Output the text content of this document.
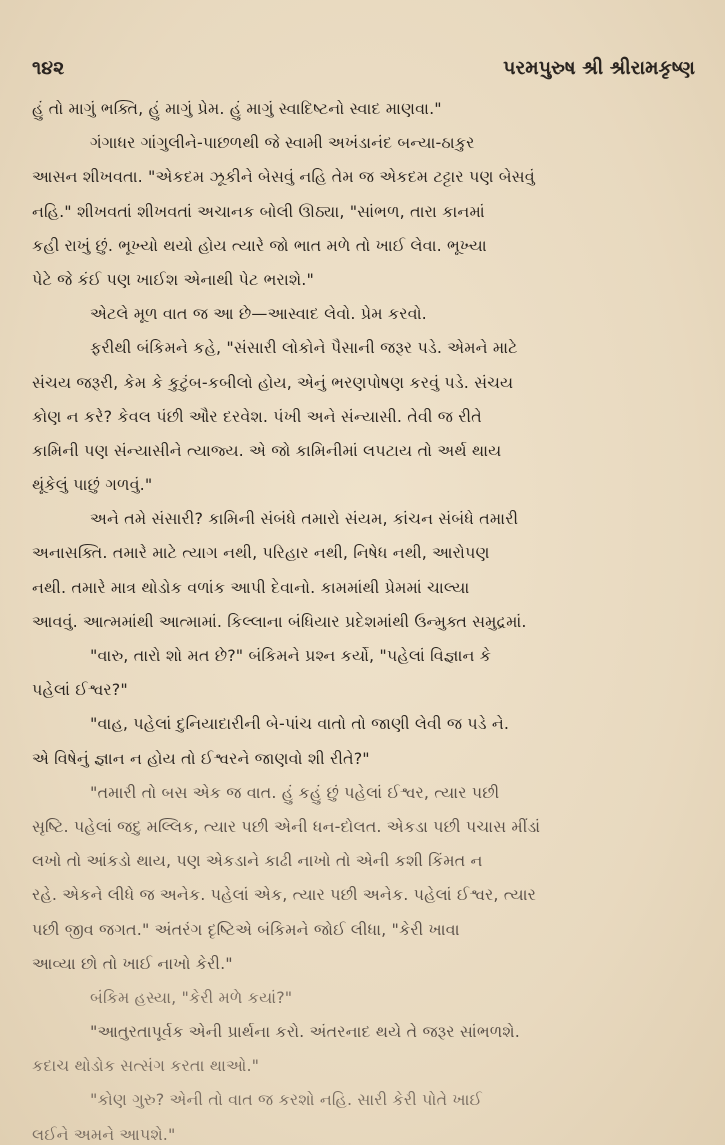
૧૪૨	પરમપુરુષ શ્રી શ્રીરામકૃષ્ણ
હું તો માગું ભક્તિ, હું માગું પ્રેમ. હું માગું સ્વાદિષ્ટનો સ્વાદ માણવા."
ગંગાધર ગાંગુલીને-પાછળથી જે સ્વામી અખંડાનંદ બન્યા-ઠાકુર
આસન શીખવતા. "એકદમ ઝૂકીને બેસવું નહિ તેમ જ એકદમ ટટ્ટાર પણ બેસવું
નહિ." શીખવતાં શીખવતાં અચાનક બોલી ઊઠ્યા, "સાંભળ, તારા કાનમાં
કહી રાખું છું. ભૂખ્યો થયો હોય ત્યારે જો ભાત મળે તો ખાઈ લેવા. ભૂખ્યા
પેટે જે કંઈ પણ ખાઈશ એનાથી પેટ ભરાશે."
એટલે મૂળ વાત જ આ છે—આસ્વાદ લેવો. પ્રેમ કરવો.
ફરીથી બંકિમને કહે, "સંસારી લોકોને પૈસાની જરૂર પડે. એમને માટે
સંચય જરૂરી, કેમ કે કુટુંબ-કબીલો હોય, એનું ભરણપોષણ કરવું પડે. સંચય
કોણ ન કરે? કેવલ પંછી ઔર દરવેશ. પંખી અને સંન્યાસી. તેવી જ રીતે
કામિની પણ સંન્યાસીને ત્યાજ્ય. એ જો કામિનીમાં લપટાય તો અર્થ થાય
થૂંકેલું પાછું ગળવું."
અને તમે સંસારી? કામિની સંબંધે તમારો સંયમ, કાંચન સંબંધે તમારી
અનાસક્તિ. તમારે માટે ત્યાગ નથી, પરિહાર નથી, નિષેધ નથી, આરોપણ
નથી. તમારે માત્ર થોડોક વળાંક આપી દેવાનો. કામમાંથી પ્રેમમાં ચાલ્યા
આવવું. આત્મમાંથી આત્મામાં. કિલ્લાના બંધિયાર પ્રદેશમાંથી ઉન્મુક્ત સમુદ્રમાં.
"વારુ, તારો શો મત છે?" બંકિમને પ્રશ્ન કર્યો, "પહેલાં વિજ્ઞાન કે
પહેલાં ઈશ્વર?"
"વાહ, પહેલાં દુનિયાદારીની બે-પાંચ વાતો તો જાણી લેવી જ પડે ને.
એ વિષેનું જ્ઞાન ન હોય તો ઈશ્વરને જાણવો શી રીતે?"
"તમારી તો બસ એક જ વાત. હું કહું છું પહેલાં ઈશ્વર, ત્યાર પછી
સૃષ્ટિ. પહેલાં જદુ મલ્લિક, ત્યાર પછી એની ધન-દોલત. એકડા પછી પચાસ મીંડાં
લખો તો આંકડો થાય, પણ એકડાને કાઢી નાખો તો એની કશી કિંમત ન
રહે. એકને લીધે જ અનેક. પહેલાં એક, ત્યાર પછી અનેક. પહેલાં ઈશ્વર, ત્યાર
પછી જીવ જગત." અંતરંગ દૃષ્ટિએ બંકિમને જોઈ લીધા, "કેરી ખાવા
આવ્યા છો તો ખાઈ નાખો કેરી."
બંકિમ હસ્યા, "કેરી મળે કયાં?"
"આતુરતાપૂર્વક એની પ્રાર્થના કરો. અંતરનાદ થયે તે જરૂર સાંભળશે.
કદાચ થોડોક સત્સંગ કરતા થાઓ."
"કોણ ગુરુ? એની તો વાત જ કરશો નહિ. સારી કેરી પોતે ખાઈ
લઈને અમને આપશે."
